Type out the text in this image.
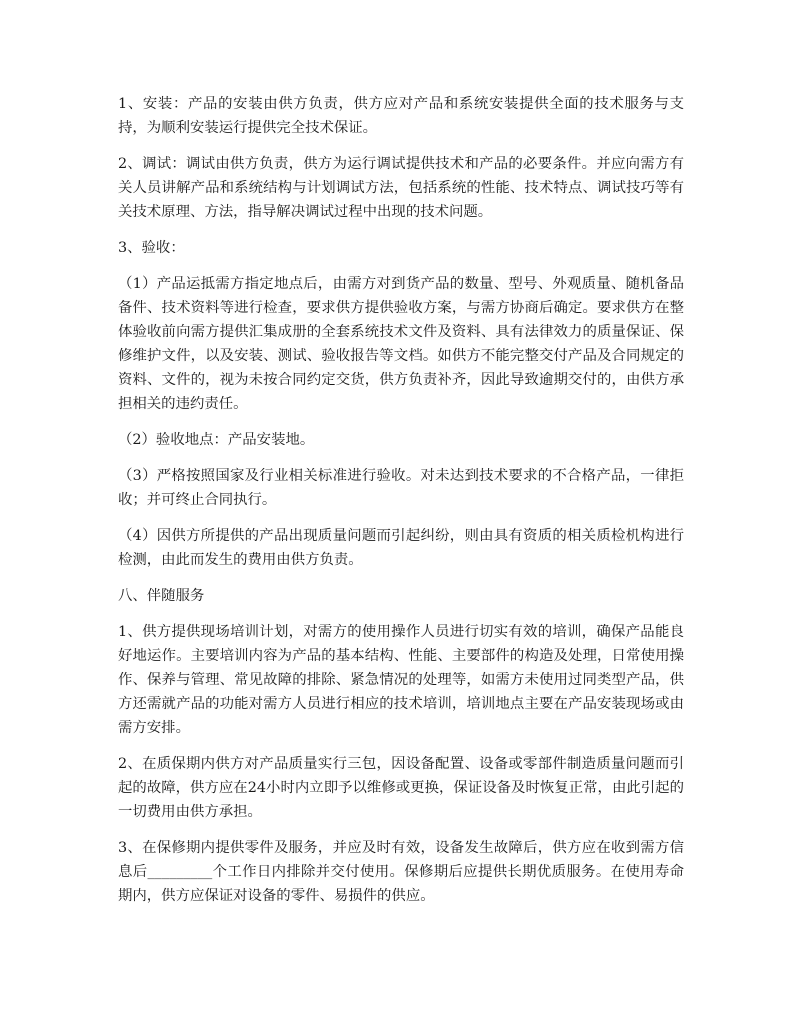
1、安装：产品的安装由供方负责，供方应对产品和系统安装提供全面的技术服务与支持，为顺利安装运行提供完全技术保证。

2、调试：调试由供方负责，供方为运行调试提供技术和产品的必要条件。并应向需方有关人员讲解产品和系统结构与计划调试方法，包括系统的性能、技术特点、调试技巧等有关技术原理、方法，指导解决调试过程中出现的技术问题。

3、验收：

（1）产品运抵需方指定地点后，由需方对到货产品的数量、型号、外观质量、随机备品备件、技术资料等进行检查，要求供方提供验收方案，与需方协商后确定。要求供方在整体验收前向需方提供汇集成册的全套系统技术文件及资料、具有法律效力的质量保证、保修维护文件，以及安装、测试、验收报告等文档。如供方不能完整交付产品及合同规定的资料、文件的，视为未按合同约定交货，供方负责补齐，因此导致逾期交付的，由供方承担相关的违约责任。

（2）验收地点：产品安装地。

（3）严格按照国家及行业相关标准进行验收。对未达到技术要求的不合格产品，一律拒收；并可终止合同执行。

（4）因供方所提供的产品出现质量问题而引起纠纷，则由具有资质的相关质检机构进行检测，由此而发生的费用由供方负责。

八、伴随服务

1、供方提供现场培训计划，对需方的使用操作人员进行切实有效的培训，确保产品能良好地运作。主要培训内容为产品的基本结构、性能、主要部件的构造及处理，日常使用操作、保养与管理、常见故障的排除、紧急情况的处理等，如需方未使用过同类型产品，供方还需就产品的功能对需方人员进行相应的技术培训，培训地点主要在产品安装现场或由需方安排。

2、在质保期内供方对产品质量实行三包，因设备配置、设备或零部件制造质量问题而引起的故障，供方应在24小时内立即予以维修或更换，保证设备及时恢复正常，由此引起的一切费用由供方承担。

3、在保修期内提供零件及服务，并应及时有效，设备发生故障后，供方应在收到需方信息后_________个工作日内排除并交付使用。保修期后应提供长期优质服务。在使用寿命期内，供方应保证对设备的零件、易损件的供应。
